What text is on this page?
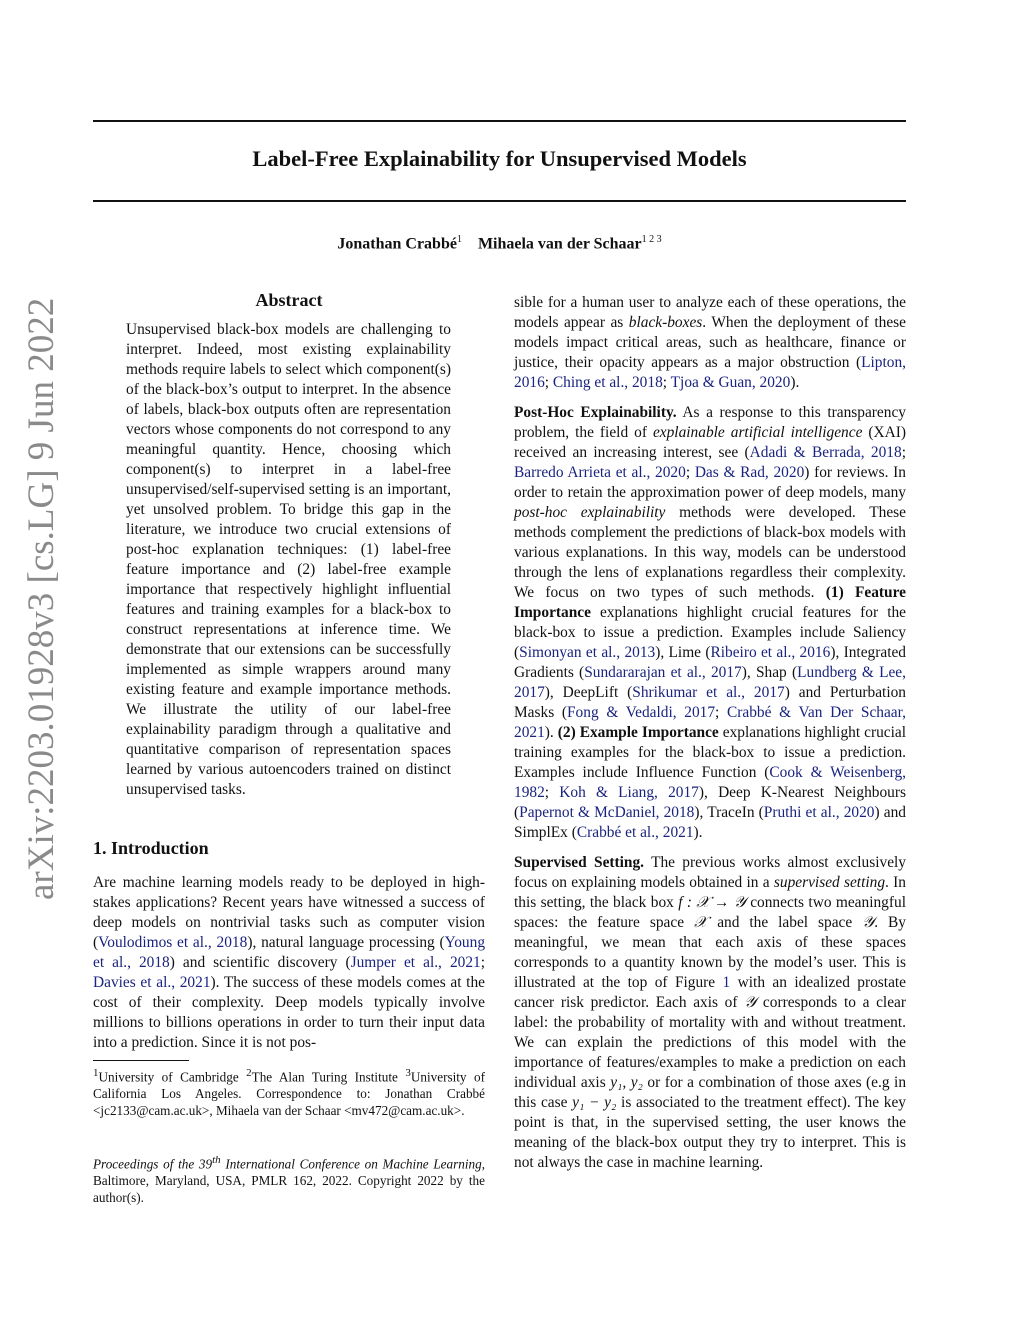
Label-Free Explainability for Unsupervised Models
Jonathan Crabbé$^1$ Mihaela van der Schaar$^{1 2 3}$
arXiv:2203.01928v3 [cs.LG] 9 Jun 2022	Abstract

Unsupervised black-box models are challenging to interpret. Indeed, most existing explainability methods require labels to select which component(s) of the black-box’s output to interpret. In the absence of labels, black-box outputs often are representation vectors whose components do not correspond to any meaningful quantity. Hence, choosing which component(s) to interpret in a label-free unsupervised/self-supervised setting is an important, yet unsolved problem. To bridge this gap in the literature, we introduce two crucial extensions of post-hoc explanation techniques: (1) label-free feature importance and (2) label-free example importance that respectively highlight influential features and training examples for a black-box to construct representations at inference time. We demonstrate that our extensions can be successfully implemented as simple wrappers around many existing feature and example importance methods. We illustrate the utility of our label-free explainability paradigm through a qualitative and quantitative comparison of representation spaces learned by various autoencoders trained on distinct unsupervised tasks.

1. Introduction

Are machine learning models ready to be deployed in high-stakes applications? Recent years have witnessed a success of deep models on nontrivial tasks such as computer vision (Voulodimos et al., 2018), natural language processing (Young et al., 2018) and scientific discovery (Jumper et al., 2021; Davies et al., 2021). The success of these models comes at the cost of their complexity. Deep models typically involve millions to billions operations in order to turn their input data into a prediction. Since it is not pos-

$^1$University of Cambridge $^2$The Alan Turing Institute $^3$University of California Los Angeles. Correspondence to: Jonathan Crabbé <jc2133@cam.ac.uk>, Mihaela van der Schaar <mv472@cam.ac.uk>.
Proceedings of the 39th International Conference on Machine Learning, Baltimore, Maryland, USA, PMLR 162, 2022. Copyright 2022 by the author(s).

sible for a human user to analyze each of these operations, the models appear as black-boxes. When the deployment of these models impact critical areas, such as healthcare, finance or justice, their opacity appears as a major obstruction (Lipton, 2016; Ching et al., 2018; Tjoa & Guan, 2020).

Post-Hoc Explainability. As a response to this transparency problem, the field of explainable artificial intelligence (XAI) received an increasing interest, see (Adadi & Berrada, 2018; Barredo Arrieta et al., 2020; Das & Rad, 2020) for reviews. In order to retain the approximation power of deep models, many post-hoc explainability methods were developed. These methods complement the predictions of black-box models with various explanations. In this way, models can be understood through the lens of explanations regardless their complexity. We focus on two types of such methods. (1) Feature Importance explanations highlight crucial features for the black-box to issue a prediction. Examples include Saliency (Simonyan et al., 2013), Lime (Ribeiro et al., 2016), Integrated Gradients (Sundararajan et al., 2017), Shap (Lundberg & Lee, 2017), DeepLift (Shrikumar et al., 2017) and Perturbation Masks (Fong & Vedaldi, 2017; Crabbé & Van Der Schaar, 2021). (2) Example Importance explanations highlight crucial training examples for the black-box to issue a prediction. Examples include Influence Function (Cook & Weisenberg, 1982; Koh & Liang, 2017), Deep K-Nearest Neighbours (Papernot & McDaniel, 2018), TraceIn (Pruthi et al., 2020) and SimplEx (Crabbé et al., 2021).

Supervised Setting. The previous works almost exclusively focus on explaining models obtained in a supervised setting. In this setting, the black box f : 𝒳 → 𝒴 connects two meaningful spaces: the feature space 𝒳 and the label space 𝒴. By meaningful, we mean that each axis of these spaces corresponds to a quantity known by the model’s user. This is illustrated at the top of Figure 1 with an idealized prostate cancer risk predictor. Each axis of 𝒴 corresponds to a clear label: the probability of mortality with and without treatment. We can explain the predictions of this model with the importance of features/examples to make a prediction on each individual axis y₁, y₂ or for a combination of those axes (e.g in this case y₁ − y₂ is associated to the treatment effect). The key point is that, in the supervised setting, the user knows the meaning of the black-box output they try to interpret. This is not always the case in machine learning.
